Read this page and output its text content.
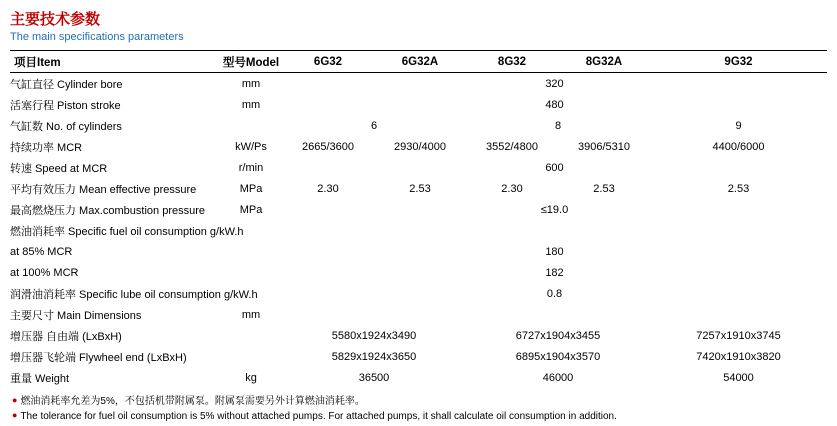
主要技术参数
The main specifications parameters
项目Item	型号Model	6G32	6G32A	8G32	8G32A	9G32
气缸直径 Cylinder bore	mm	320				
活塞行程 Piston stroke	mm	480				
气缸数 No. of cylinders		6		8		9
持续功率 MCR	kW/Ps	2665/3600	2930/4000	3552/4800	3906/5310	4400/6000
转速 Speed at MCR	r/min	600				
平均有效压力 Mean effective pressure	MPa	2.30	2.53	2.30	2.53	2.53
最高燃烧压力 Max.combustion pressure	MPa	≤19.0				
燃油消耗率 Specific fuel oil consumption g/kW.h						
at 85% MCR		180				
at 100% MCR		182				
润滑油消耗率 Specific lube oil consumption g/kW.h		0.8				
主要尺寸 Main Dimensions	mm					
增压器 自由端 (LxBxH)		5580x1924x3490		6727x1904x3455		7257x1910x3745
增压器飞轮端 Flywheel end (LxBxH)		5829x1924x3650		6895x1904x3570		7420x1910x3820
重量 Weight	kg	36500		46000		54000
● 燃油消耗率允差为5%，不包括机带附属泵。附属泵需要另外计算燃油消耗率。
● The tolerance for fuel oil consumption is 5% without attached pumps. For attached pumps, it shall calculate oil consumption in addition.
